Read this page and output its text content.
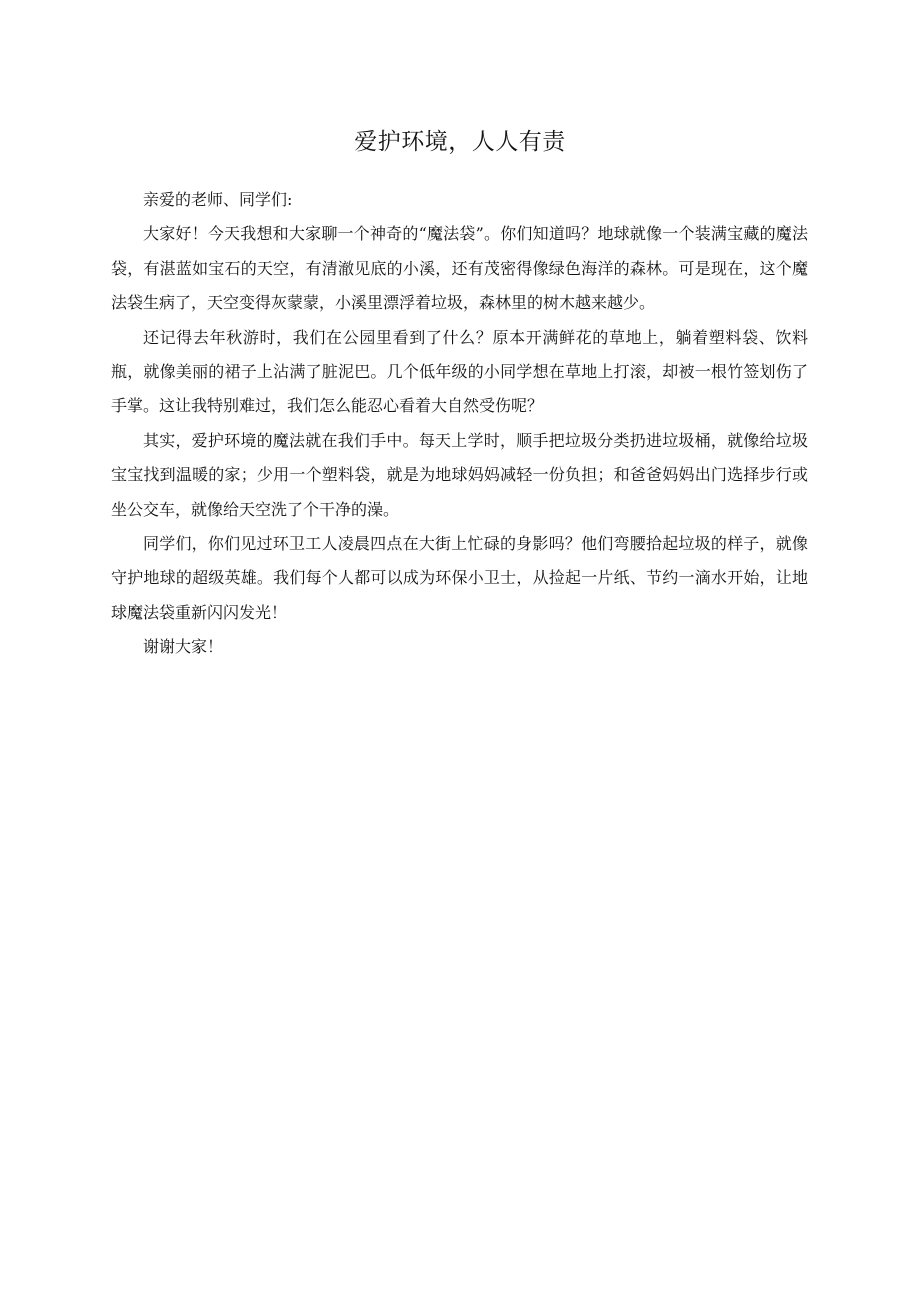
爱护环境，人人有责

亲爱的老师、同学们:

大家好！今天我想和大家聊一个神奇的“魔法袋”。你们知道吗？地球就像一个装满宝藏的魔法袋，有湛蓝如宝石的天空，有清澈见底的小溪，还有茂密得像绿色海洋的森林。可是现在，这个魔法袋生病了，天空变得灰蒙蒙，小溪里漂浮着垃圾，森林里的树木越来越少。

还记得去年秋游时，我们在公园里看到了什么？原本开满鲜花的草地上，躺着塑料袋、饮料瓶，就像美丽的裙子上沾满了脏泥巴。几个低年级的小同学想在草地上打滚，却被一根竹签划伤了手掌。这让我特别难过，我们怎么能忍心看着大自然受伤呢？

其实，爱护环境的魔法就在我们手中。每天上学时，顺手把垃圾分类扔进垃圾桶，就像给垃圾宝宝找到温暖的家；少用一个塑料袋，就是为地球妈妈减轻一份负担；和爸爸妈妈出门选择步行或坐公交车，就像给天空洗了个干净的澡。

同学们，你们见过环卫工人凌晨四点在大街上忙碌的身影吗？他们弯腰拾起垃圾的样子，就像守护地球的超级英雄。我们每个人都可以成为环保小卫士，从捡起一片纸、节约一滴水开始，让地球魔法袋重新闪闪发光！

谢谢大家！
